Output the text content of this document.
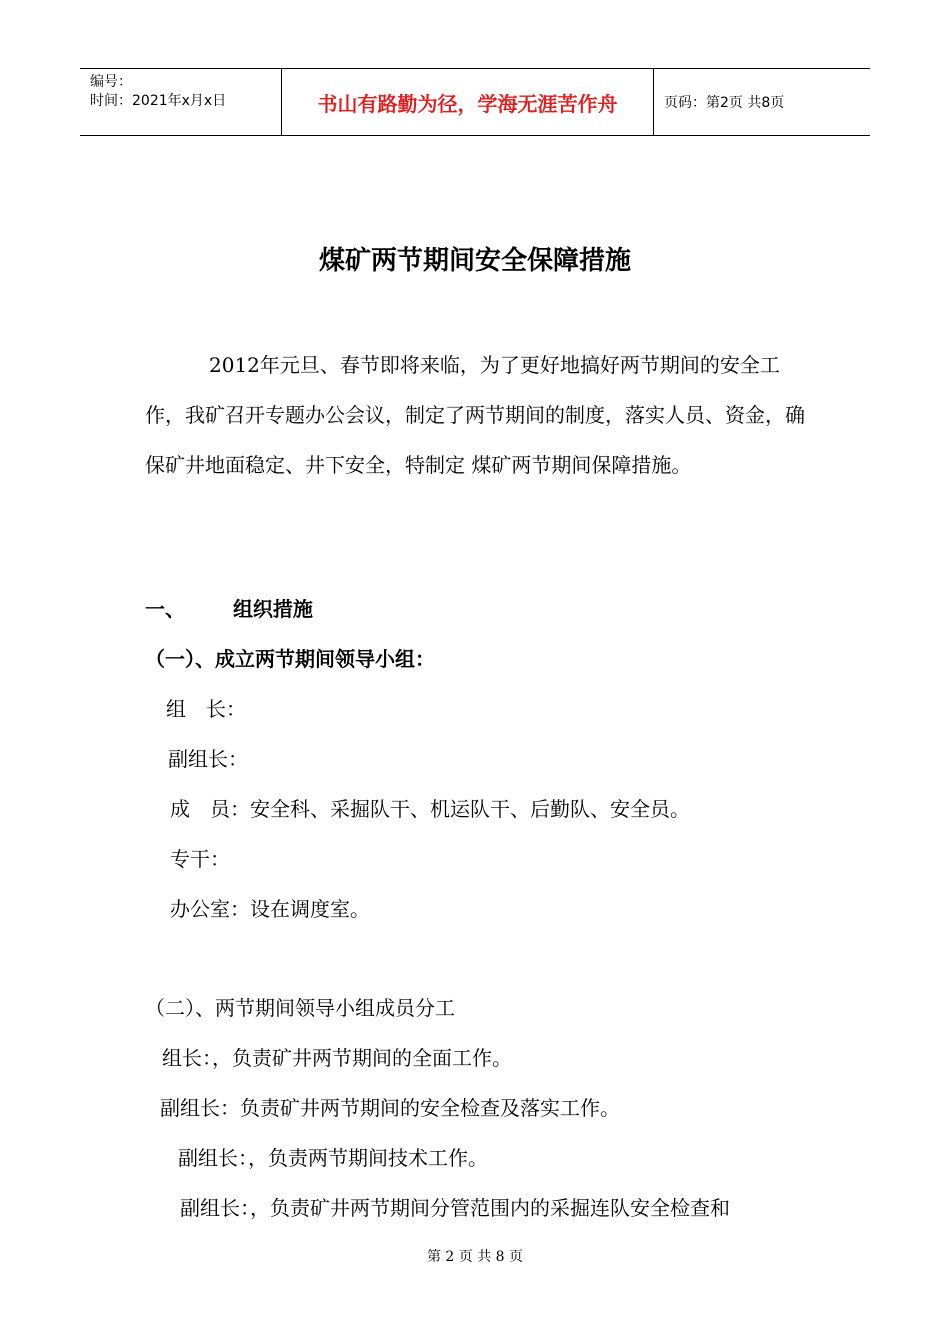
编号：
时间：2021年x月x日	书山有路勤为径，学海无涯苦作舟	页码：第2页 共8页
煤矿两节期间安全保障措施

2012年元旦、春节即将来临，为了更好地搞好两节期间的安全工作，我矿召开专题办公会议，制定了两节期间的制度，落实人员、资金，确保矿井地面稳定、井下安全，特制定 煤矿两节期间保障措施。

一、 组织措施
（一）、成立两节期间领导小组：
组　长：
副组长：
成　员：安全科、采掘队干、机运队干、后勤队、安全员。
专干：
办公室：设在调度室。
（二）、两节期间领导小组成员分工
组长：，负责矿井两节期间的全面工作。
副组长：负责矿井两节期间的安全检查及落实工作。
副组长：，负责两节期间技术工作。
副组长：，负责矿井两节期间分管范围内的采掘连队安全检查和
第 2 页 共 8 页
